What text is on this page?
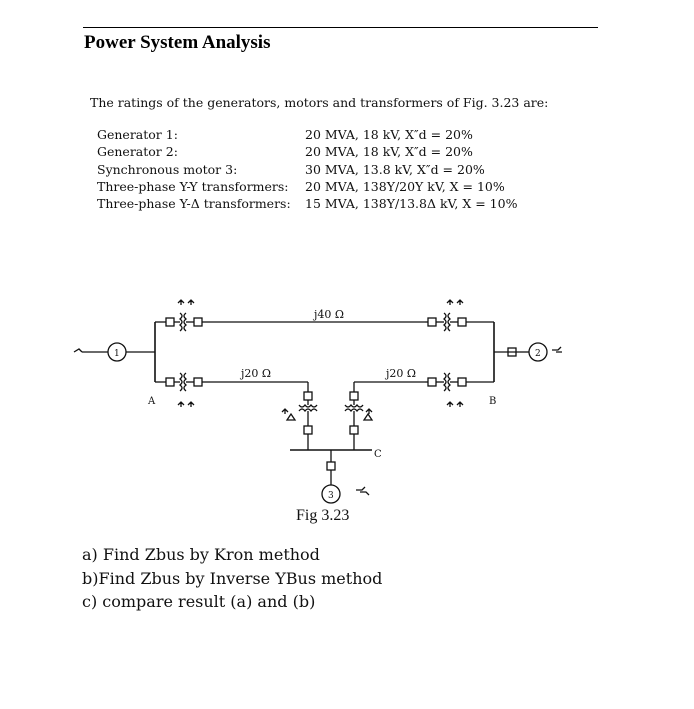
Power System Analysis
The ratings of the generators, motors and transformers of Fig. 3.23 are:
Generator 1:	20 MVA, 18 kV, X″d = 20%
Generator 2:	20 MVA, 18 kV, X″d = 20%
Synchronous motor 3:	30 MVA, 13.8 kV, X″d = 20%
Three-phase Y-Y transformers: 20 MVA, 138Y/20Y kV, X = 10%
Three-phase Y-Δ transformers: 15 MVA, 138Y/13.8Δ kV, X = 10%
j40 Ω
j20 Ω	j20 Ω
A	B
C
1	2
3
Fig 3.23
a) Find Zbus by Kron method
b)Find Zbus by Inverse YBus method
c) compare result (a) and (b)
